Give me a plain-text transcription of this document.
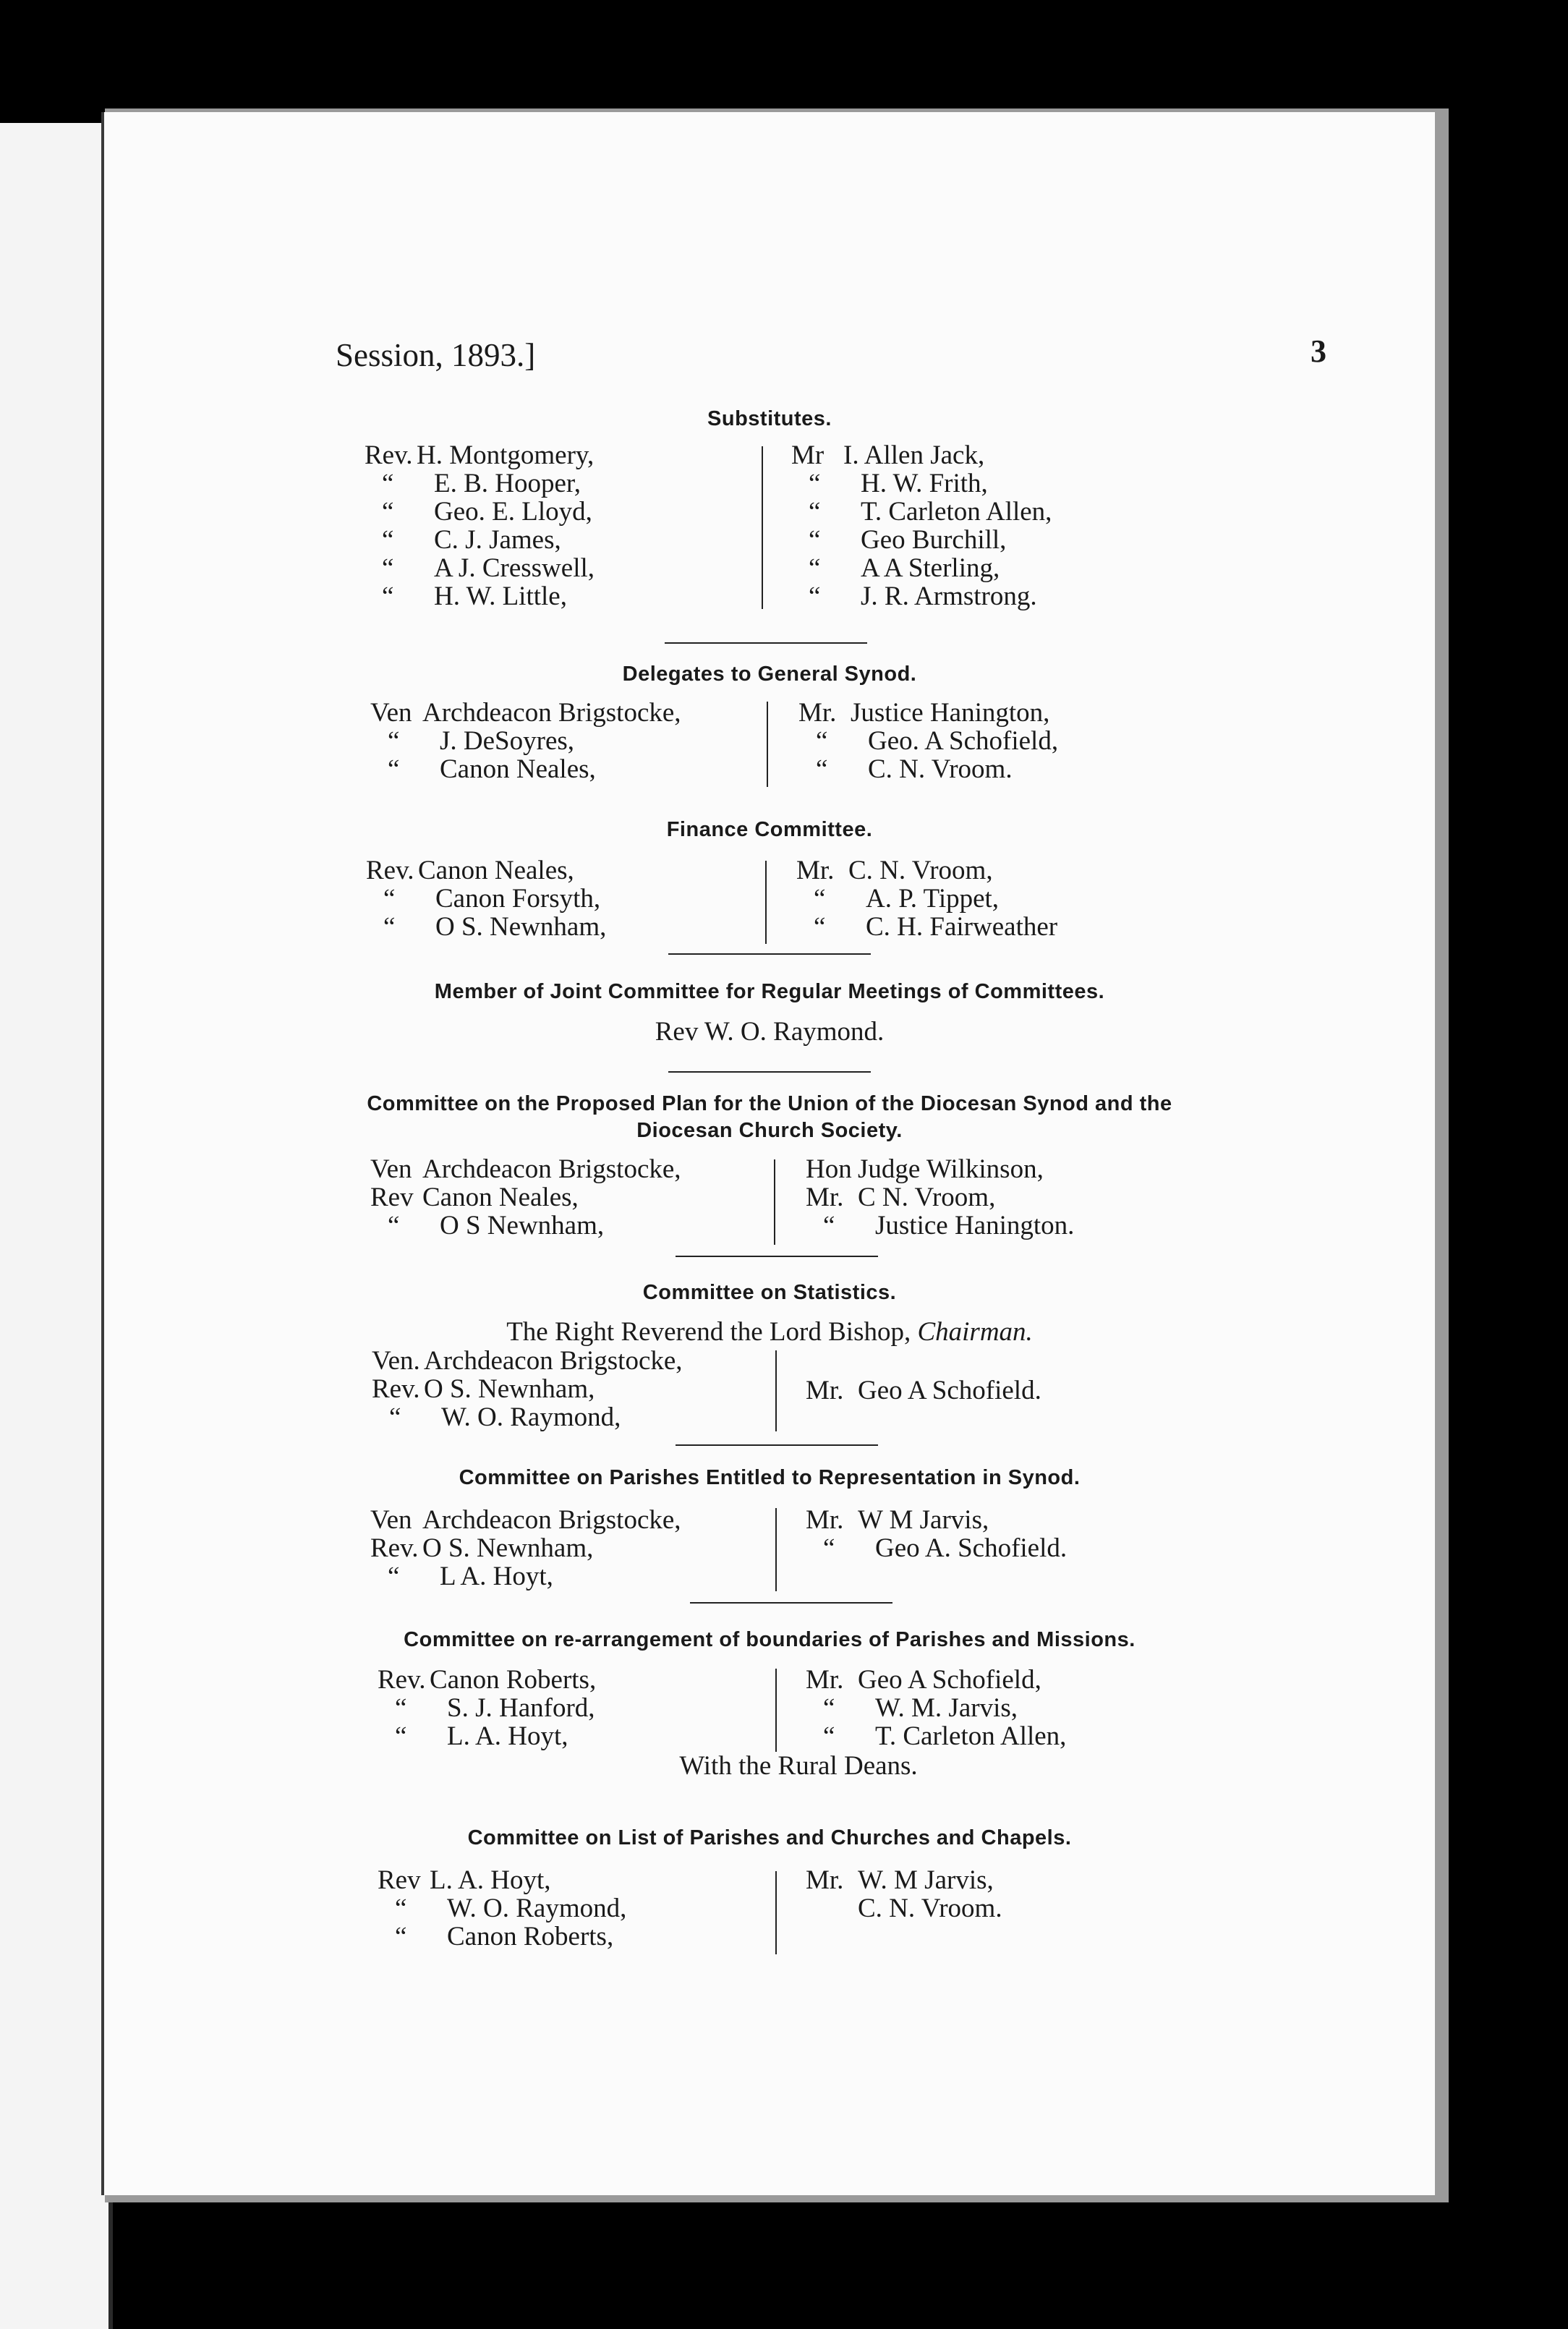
Session, 1893.]	3
Substitutes.
Rev. H. Montgomery,
“ E. B. Hooper,
“ Geo. E. Lloyd,
“ C. J. James,
“ A J. Cresswell,
“ H. W. Little,
Mr I. Allen Jack,
“ H. W. Frith,
“ T. Carleton Allen,
“ Geo Burchill,
“ A A Sterling,
“ J. R. Armstrong.
Delegates to General Synod.
Ven Archdeacon Brigstocke,
“ J. DeSoyres,
“ Canon Neales,
Mr. Justice Hanington,
“ Geo. A Schofield,
“ C. N. Vroom.
Finance Committee.
Rev. Canon Neales,
“ Canon Forsyth,
“ O S. Newnham,
Mr. C. N. Vroom,
“ A. P. Tippet,
“ C. H. Fairweather
Member of Joint Committee for Regular Meetings of Committees.
Rev W. O. Raymond.
Committee on the Proposed Plan for the Union of the Diocesan Synod and the
Diocesan Church Society.
Ven Archdeacon Brigstocke,
Rev Canon Neales,
“ O S Newnham,
Hon Judge Wilkinson,
Mr. C N. Vroom,
“ Justice Hanington.
Committee on Statistics.
The Right Reverend the Lord Bishop, Chairman.
Ven. Archdeacon Brigstocke,
Rev. O S. Newnham,
“ W. O. Raymond,
Mr. Geo A Schofield.
Committee on Parishes Entitled to Representation in Synod.
Ven Archdeacon Brigstocke,
Rev. O S. Newnham,
“ L A. Hoyt,
Mr. W M Jarvis,
“ Geo A. Schofield.
Committee on re-arrangement of boundaries of Parishes and Missions.
Rev. Canon Roberts,
“ S. J. Hanford,
“ L. A. Hoyt,
Mr. Geo A Schofield,
“ W. M. Jarvis,
“ T. Carleton Allen,
With the Rural Deans.
Committee on List of Parishes and Churches and Chapels.
Rev L. A. Hoyt,
“ W. O. Raymond,
“ Canon Roberts,
Mr. W. M Jarvis,
C. N. Vroom.
